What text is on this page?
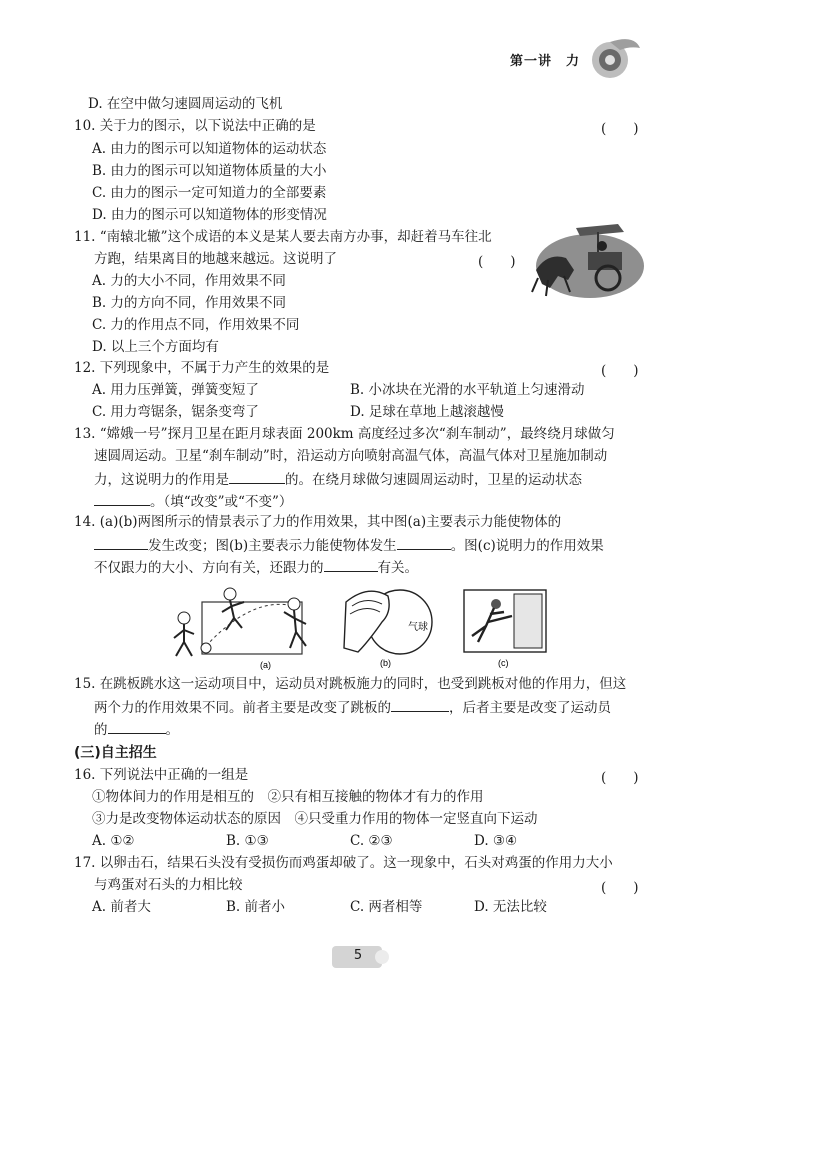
第一讲　力
D. 在空中做匀速圆周运动的飞机
10. 关于力的图示，以下说法中正确的是	(　　)
A. 由力的图示可以知道物体的运动状态
B. 由力的图示可以知道物体质量的大小
C. 由力的图示一定可知道力的全部要素
D. 由力的图示可以知道物体的形变情况
11. “南辕北辙”这个成语的本义是某人要去南方办事，却赶着马车往北
方跑，结果离目的地越来越远。这说明了	(　　)
A. 力的大小不同，作用效果不同
B. 力的方向不同，作用效果不同
C. 力的作用点不同，作用效果不同
D. 以上三个方面均有
12. 下列现象中，不属于力产生的效果的是	(　　)
A. 用力压弹簧，弹簧变短了	B. 小冰块在光滑的水平轨道上匀速滑动
C. 用力弯锯条，锯条变弯了	D. 足球在草地上越滚越慢
13. “嫦娥一号”探月卫星在距月球表面 200km 高度经过多次“刹车制动”，最终绕月球做匀
速圆周运动。卫星“刹车制动”时，沿运动方向喷射高温气体，高温气体对卫星施加制动
力，这说明力的作用是	的。在绕月球做匀速圆周运动时，卫星的运动状态
。（填“改变”或“不变”）
14. (a)(b)两图所示的情景表示了力的作用效果，其中图(a)主要表示力能使物体的
发生改变；图(b)主要表示力能使物体发生	。图(c)说明力的作用效果
不仅跟力的大小、方向有关，还跟力的	有关。
(a)
气球
(b)	(c)
15. 在跳板跳水这一运动项目中，运动员对跳板施力的同时，也受到跳板对他的作用力，但这
两个力的作用效果不同。前者主要是改变了跳板的	，后者主要是改变了运动员
的	。
(三)自主招生
16. 下列说法中正确的一组是	(　　)
①物体间力的作用是相互的　②只有相互接触的物体才有力的作用
③力是改变物体运动状态的原因　④只受重力作用的物体一定竖直向下运动
A. ①②	B. ①③	C. ②③	D. ③④
17. 以卵击石，结果石头没有受损伤而鸡蛋却破了。这一现象中，石头对鸡蛋的作用力大小
与鸡蛋对石头的力相比较	(　　)
A. 前者大	B. 前者小	C. 两者相等	D. 无法比较
5
